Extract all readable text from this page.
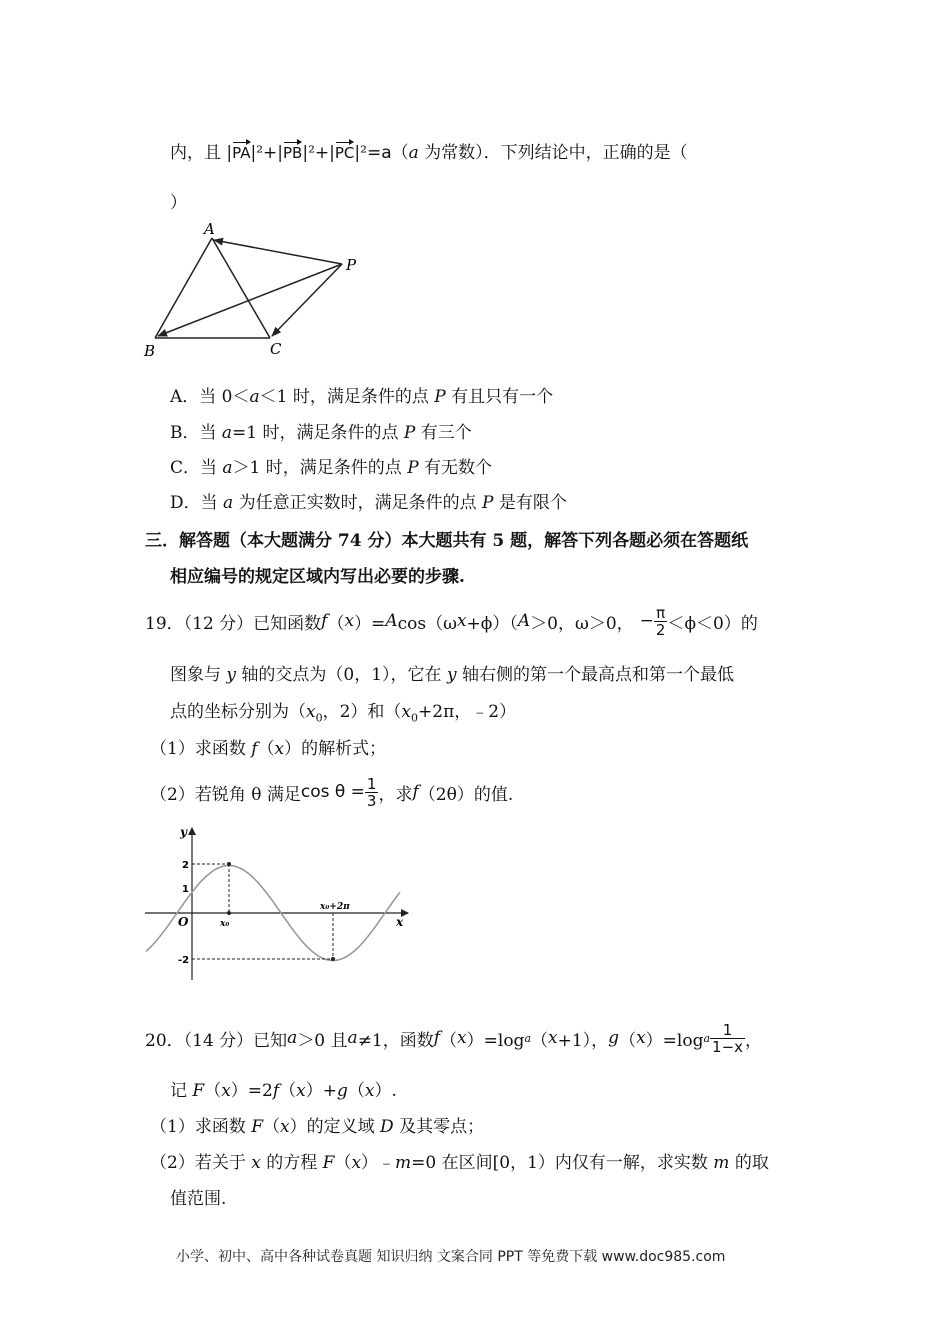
内，且 |PA|²+|PB|²+|PC|²=a（a 为常数）．下列结论中，正确的是（
）
A
B	C
P
A．当 0＜a＜1 时，满足条件的点 P 有且只有一个
B．当 a=1 时，满足条件的点 P 有三个
C．当 a＞1 时，满足条件的点 P 有无数个
D．当 a 为任意正实数时，满足条件的点 P 是有限个
三．解答题（本大题满分 74 分）本大题共有 5 题，解答下列各题必须在答题纸
相应编号的规定区域内写出必要的步骤.
19．（12 分）已知函数 f （ x ）= A cos（ω x +ϕ）（ A ＞0，ω＞0， − $\frac{\pi}{2} <\phi<0$）的
图象与 y 轴的交点为（0，1），它在 y 轴右侧的第一个最高点和第一个最低
点的坐标分别为（$x_0$，2）和（$x_0+2\pi$，﹣2）
（1）求函数 f（x）的解析式；
（2）若锐角 θ 满足 $\cos \theta = \frac{1}{3}$ ，求 f （2θ）的值.
y
x
O
2
1
-2
x₀
x₀+2π
20．（14 分）已知 a ＞0 且 a ≠1，函数 f （ x ）=log a （ x +1）， g （ x ）=log a $\frac{1}{1-x}$ ，
记 F（x）=2f（x）+g（x）.
（1）求函数 F（x）的定义域 D 及其零点；
（2）若关于 x 的方程 F（x）﹣m=0 在区间[0，1）内仅有一解，求实数 m 的取
值范围.
小学、初中、高中各种试卷真题 知识归纳 文案合同 PPT 等免费下载 www.doc985.com
